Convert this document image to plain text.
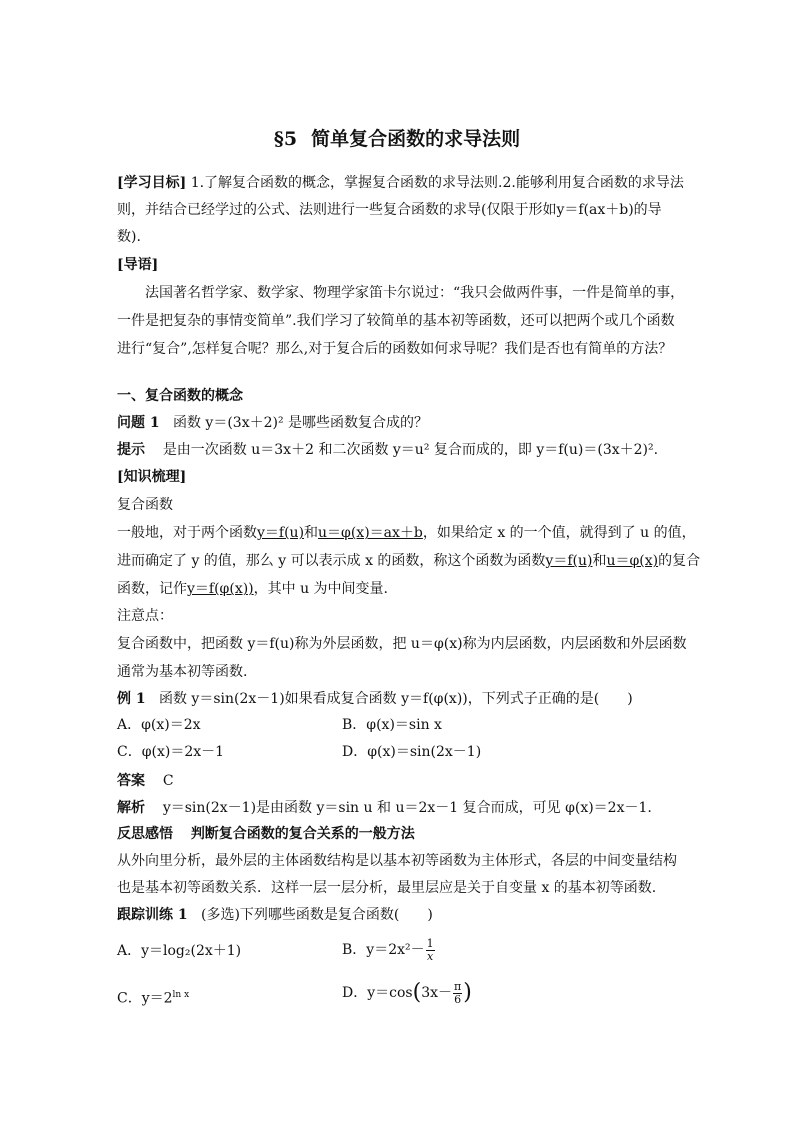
§5 简单复合函数的求导法则
[学习目标] 1.了解复合函数的概念，掌握复合函数的求导法则.2.能够利用复合函数的求导法
则，并结合已经学过的公式、法则进行一些复合函数的求导(仅限于形如y＝f(ax＋b)的导
数).
[导语]
法国著名哲学家、数学家、物理学家笛卡尔说过：“我只会做两件事，一件是简单的事，
一件是把复杂的事情变简单”.我们学习了较简单的基本初等函数，还可以把两个或几个函数
进行“复合”,怎样复合呢？那么,对于复合后的函数如何求导呢？我们是否也有简单的方法？
一、复合函数的概念
问题 1 函数 y＝(3x＋2)² 是哪些函数复合成的？
提示 是由一次函数 u＝3x＋2 和二次函数 y＝u² 复合而成的，即 y＝f(u)＝(3x＋2)².
[知识梳理]
复合函数
一般地，对于两个函数y＝f(u)和u＝φ(x)＝ax＋b，如果给定 x 的一个值，就得到了 u 的值，
进而确定了 y 的值，那么 y 可以表示成 x 的函数，称这个函数为函数y＝f(u)和u＝φ(x)的复合
函数，记作y＝f(φ(x))，其中 u 为中间变量.
注意点：
复合函数中，把函数 y＝f(u)称为外层函数，把 u＝φ(x)称为内层函数，内层函数和外层函数
通常为基本初等函数.
例 1 函数 y＝sin(2x－1)如果看成复合函数 y＝f(φ(x))，下列式子正确的是(　　)
A．φ(x)＝2x	B．φ(x)＝sin x
C．φ(x)＝2x－1	D．φ(x)＝sin(2x－1)
答案 C
解析 y＝sin(2x－1)是由函数 y＝sin u 和 u＝2x－1 复合而成，可见 φ(x)＝2x－1.
反思感悟 判断复合函数的复合关系的一般方法
从外向里分析，最外层的主体函数结构是以基本初等函数为主体形式，各层的中间变量结构
也是基本初等函数关系．这样一层一层分析，最里层应是关于自变量 x 的基本初等函数.
跟踪训练 1 (多选)下列哪些函数是复合函数(　　)
A．y＝log₂(2x＋1)	B．$y=2x^2- \frac{1}{x}$
C．$y=2^{ln x}$	D．$y=\cos(3x- \frac{\pi}{6}$ )
